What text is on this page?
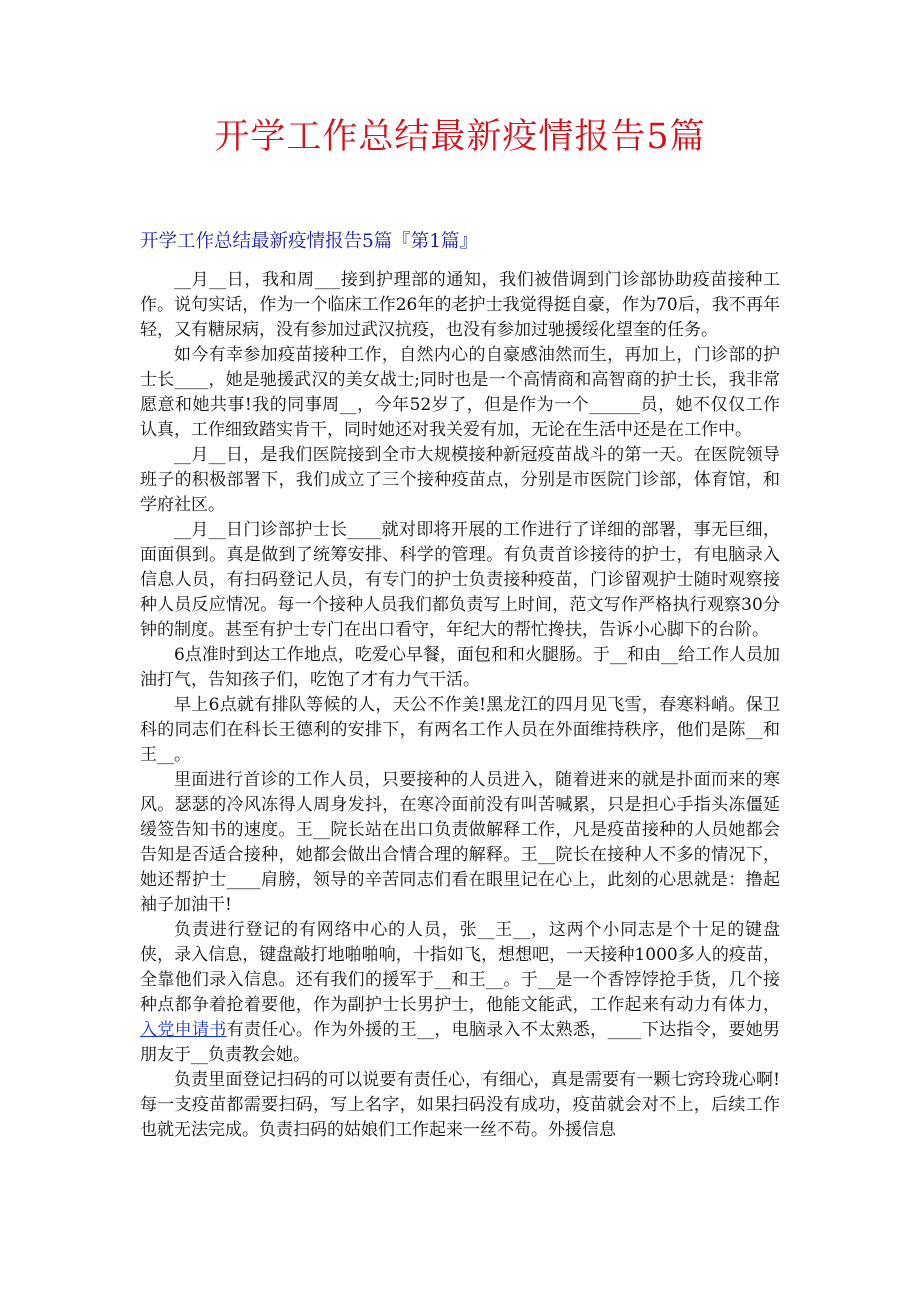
开学工作总结最新疫情报告5篇
开学工作总结最新疫情报告5篇『第1篇』

__月__日，我和周___接到护理部的通知，我们被借调到门诊部协助疫苗接种工作。说句实话，作为一个临床工作26年的老护士我觉得挺自豪，作为70后，我不再年轻，又有糖尿病，没有参加过武汉抗疫，也没有参加过驰援绥化望奎的任务。

如今有幸参加疫苗接种工作，自然内心的自豪感油然而生，再加上，门诊部的护士长____，她是驰援武汉的美女战士;同时也是一个高情商和高智商的护士长，我非常愿意和她共事!我的同事周__，今年52岁了，但是作为一个______员，她不仅仅工作认真，工作细致踏实肯干，同时她还对我关爱有加，无论在生活中还是在工作中。

__月__日，是我们医院接到全市大规模接种新冠疫苗战斗的第一天。在医院领导班子的积极部署下，我们成立了三个接种疫苗点，分别是市医院门诊部，体育馆，和学府社区。

__月__日门诊部护士长____就对即将开展的工作进行了详细的部署，事无巨细，面面俱到。真是做到了统筹安排、科学的管理。有负责首诊接待的护士，有电脑录入信息人员，有扫码登记人员，有专门的护士负责接种疫苗，门诊留观护士随时观察接种人员反应情况。每一个接种人员我们都负责写上时间，范文写作严格执行观察30分钟的制度。甚至有护士专门在出口看守，年纪大的帮忙搀扶，告诉小心脚下的台阶。

6点准时到达工作地点，吃爱心早餐，面包和和火腿肠。于__和由__给工作人员加油打气，告知孩子们，吃饱了才有力气干活。

早上6点就有排队等候的人，天公不作美!黑龙江的四月见飞雪，春寒料峭。保卫科的同志们在科长王德利的安排下，有两名工作人员在外面维持秩序，他们是陈__和王__。

里面进行首诊的工作人员，只要接种的人员进入，随着进来的就是扑面而来的寒风。瑟瑟的冷风冻得人周身发抖，在寒冷面前没有叫苦喊累，只是担心手指头冻僵延缓签告知书的速度。王__院长站在出口负责做解释工作，凡是疫苗接种的人员她都会告知是否适合接种，她都会做出合情合理的解释。王__院长在接种人不多的情况下，她还帮护士____肩膀，领导的辛苦同志们看在眼里记在心上，此刻的心思就是：撸起袖子加油干!

负责进行登记的有网络中心的人员，张__王__，这两个小同志是个十足的键盘侠，录入信息，键盘敲打地啪啪响，十指如飞，想想吧，一天接种1000多人的疫苗，全靠他们录入信息。还有我们的援军于__和王__。于__是一个香饽饽抢手货，几个接种点都争着抢着要他，作为副护士长男护士，他能文能武，工作起来有动力有体力，入党申请书有责任心。作为外援的王__，电脑录入不太熟悉，____下达指令，要她男朋友于__负责教会她。

负责里面登记扫码的可以说要有责任心，有细心，真是需要有一颗七窍玲珑心啊!每一支疫苗都需要扫码，写上名字，如果扫码没有成功，疫苗就会对不上，后续工作也就无法完成。负责扫码的姑娘们工作起来一丝不苟。外援信息
